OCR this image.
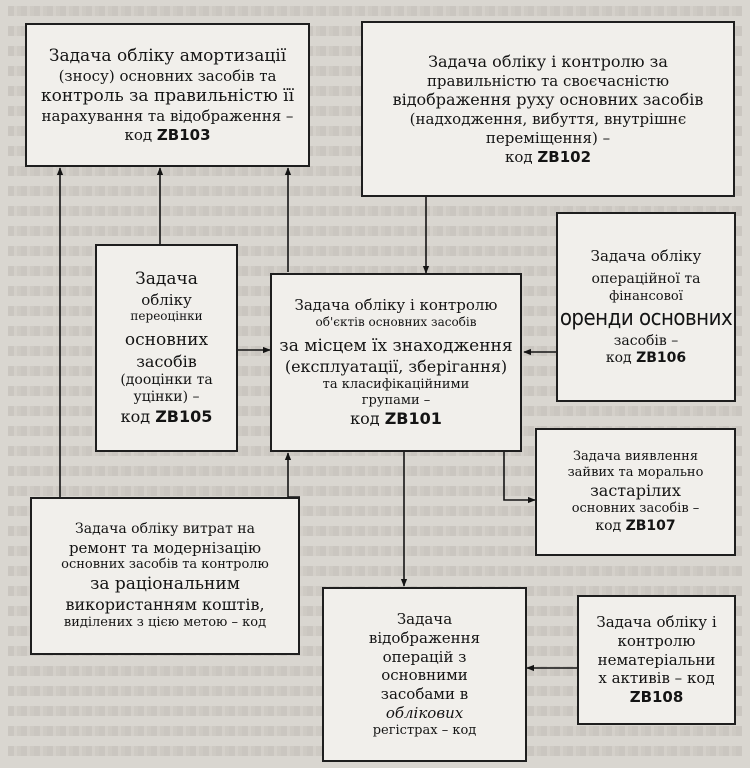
Задача обліку амортизації
(зносу) основних засобів та
контроль за правильністю її
нарахування та відображення –
код ZB103
Задача обліку і контролю за
правильністю та своєчасністю
відображення руху основних засобів
(надходження, вибуття, внутрішнє
переміщення) –
код ZB102
Задача
обліку
переоцінки
основних
засобів
(дооцінки та
уцінки) –
код ZB105
Задача обліку і контролю
об'єктів основних засобів
за місцем їх знаходження
(експлуатації, зберігання)
та класифікаційними
групами –
код ZB101
Задача обліку
операційної та
фінансової
оренди основних
засобів –
код ZB106
Задача виявлення
зайвих та морально
застарілих
основних засобів –
код ZB107
Задача обліку витрат на
ремонт та модернізацію
основних засобів та контролю
за раціональним
використанням коштів,
виділених з цією метою – код	Задача
відображення
операцій з
основними
засобами в
облікових
регістрах – код
Задача обліку і
контролю
нематеріальни
х активів – код
ZB108
